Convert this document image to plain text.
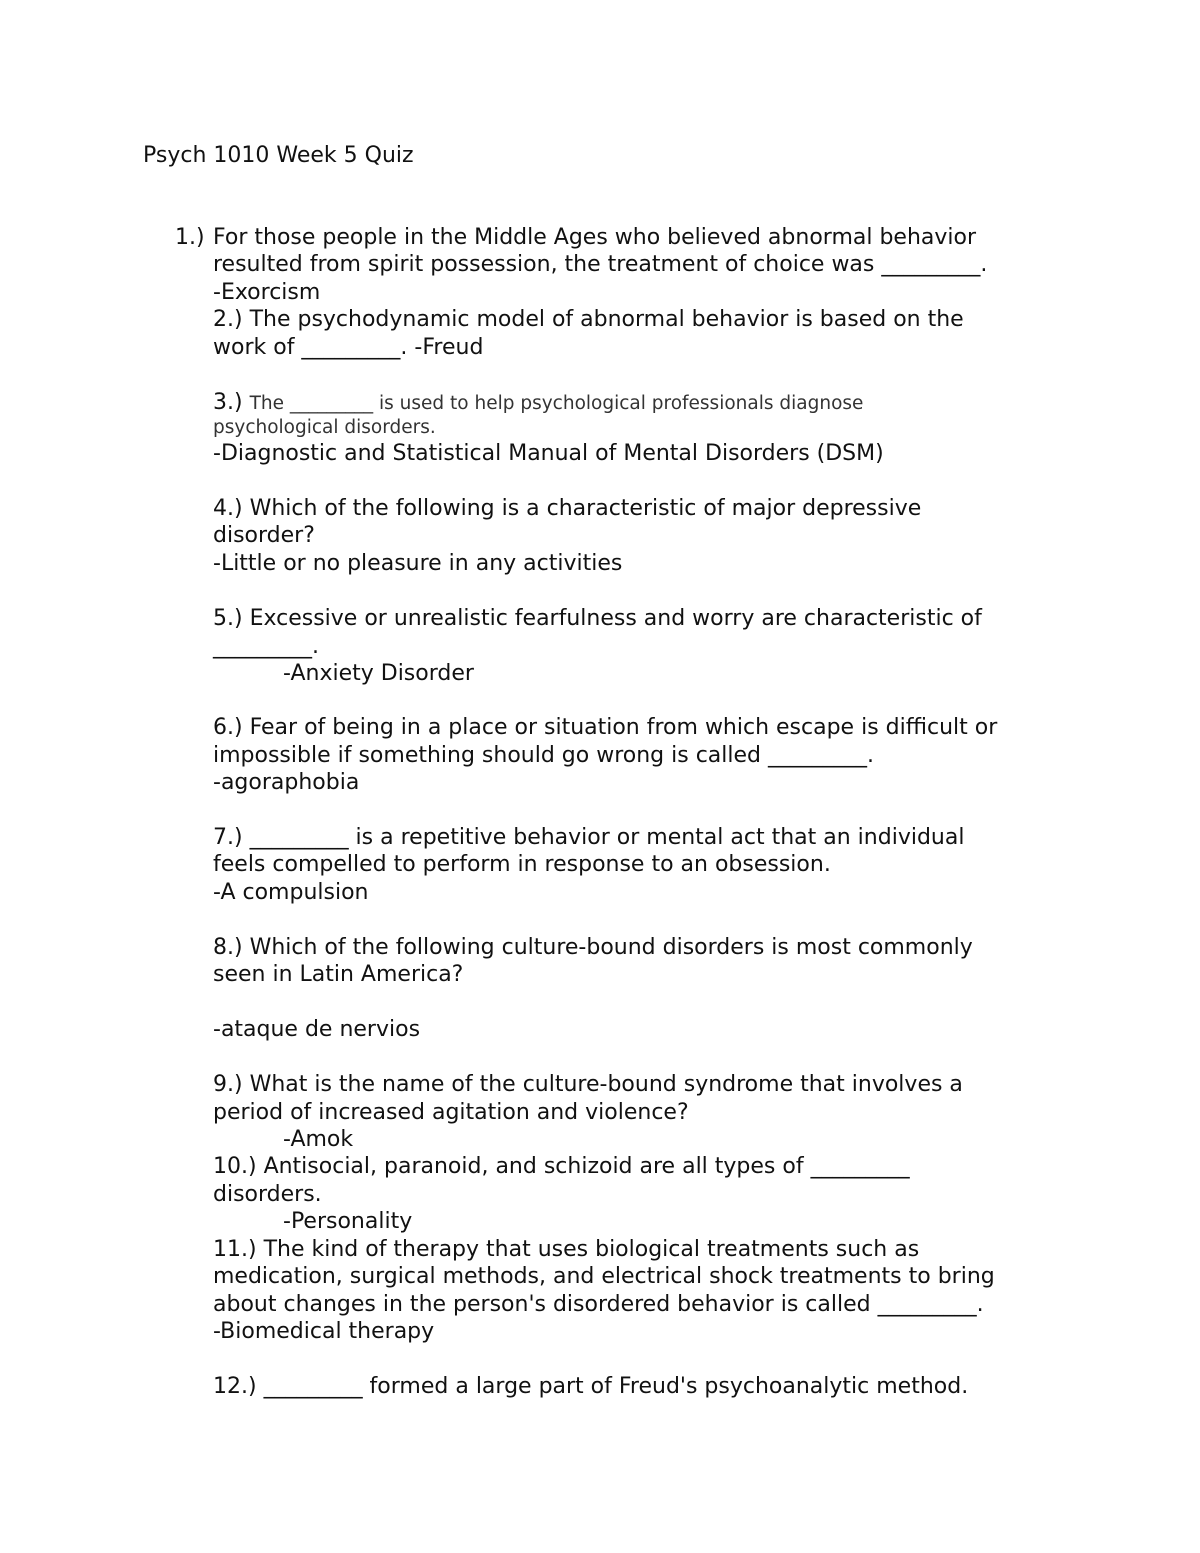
Psych 1010 Week 5 Quiz
1.) For those people in the Middle Ages who believed abnormal behavior
resulted from spirit possession, the treatment of choice was _________.
-Exorcism
2.) The psychodynamic model of abnormal behavior is based on the
work of _________. -Freud
3.) The _________ is used to help psychological professionals diagnose
psychological disorders.
-Diagnostic and Statistical Manual of Mental Disorders (DSM)
4.) Which of the following is a characteristic of major depressive
disorder?
-Little or no pleasure in any activities
5.) Excessive or unrealistic fearfulness and worry are characteristic of
_________.
-Anxiety Disorder
6.) Fear of being in a place or situation from which escape is difficult or
impossible if something should go wrong is called _________.
-agoraphobia
7.) _________ is a repetitive behavior or mental act that an individual
feels compelled to perform in response to an obsession.
-A compulsion
8.) Which of the following culture-bound disorders is most commonly
seen in Latin America?
-ataque de nervios
9.) What is the name of the culture-bound syndrome that involves a
period of increased agitation and violence?
-Amok
10.) Antisocial, paranoid, and schizoid are all types of _________
disorders.
-Personality
11.) The kind of therapy that uses biological treatments such as
medication, surgical methods, and electrical shock treatments to bring
about changes in the person's disordered behavior is called _________.
-Biomedical therapy
12.) _________ formed a large part of Freud's psychoanalytic method.
